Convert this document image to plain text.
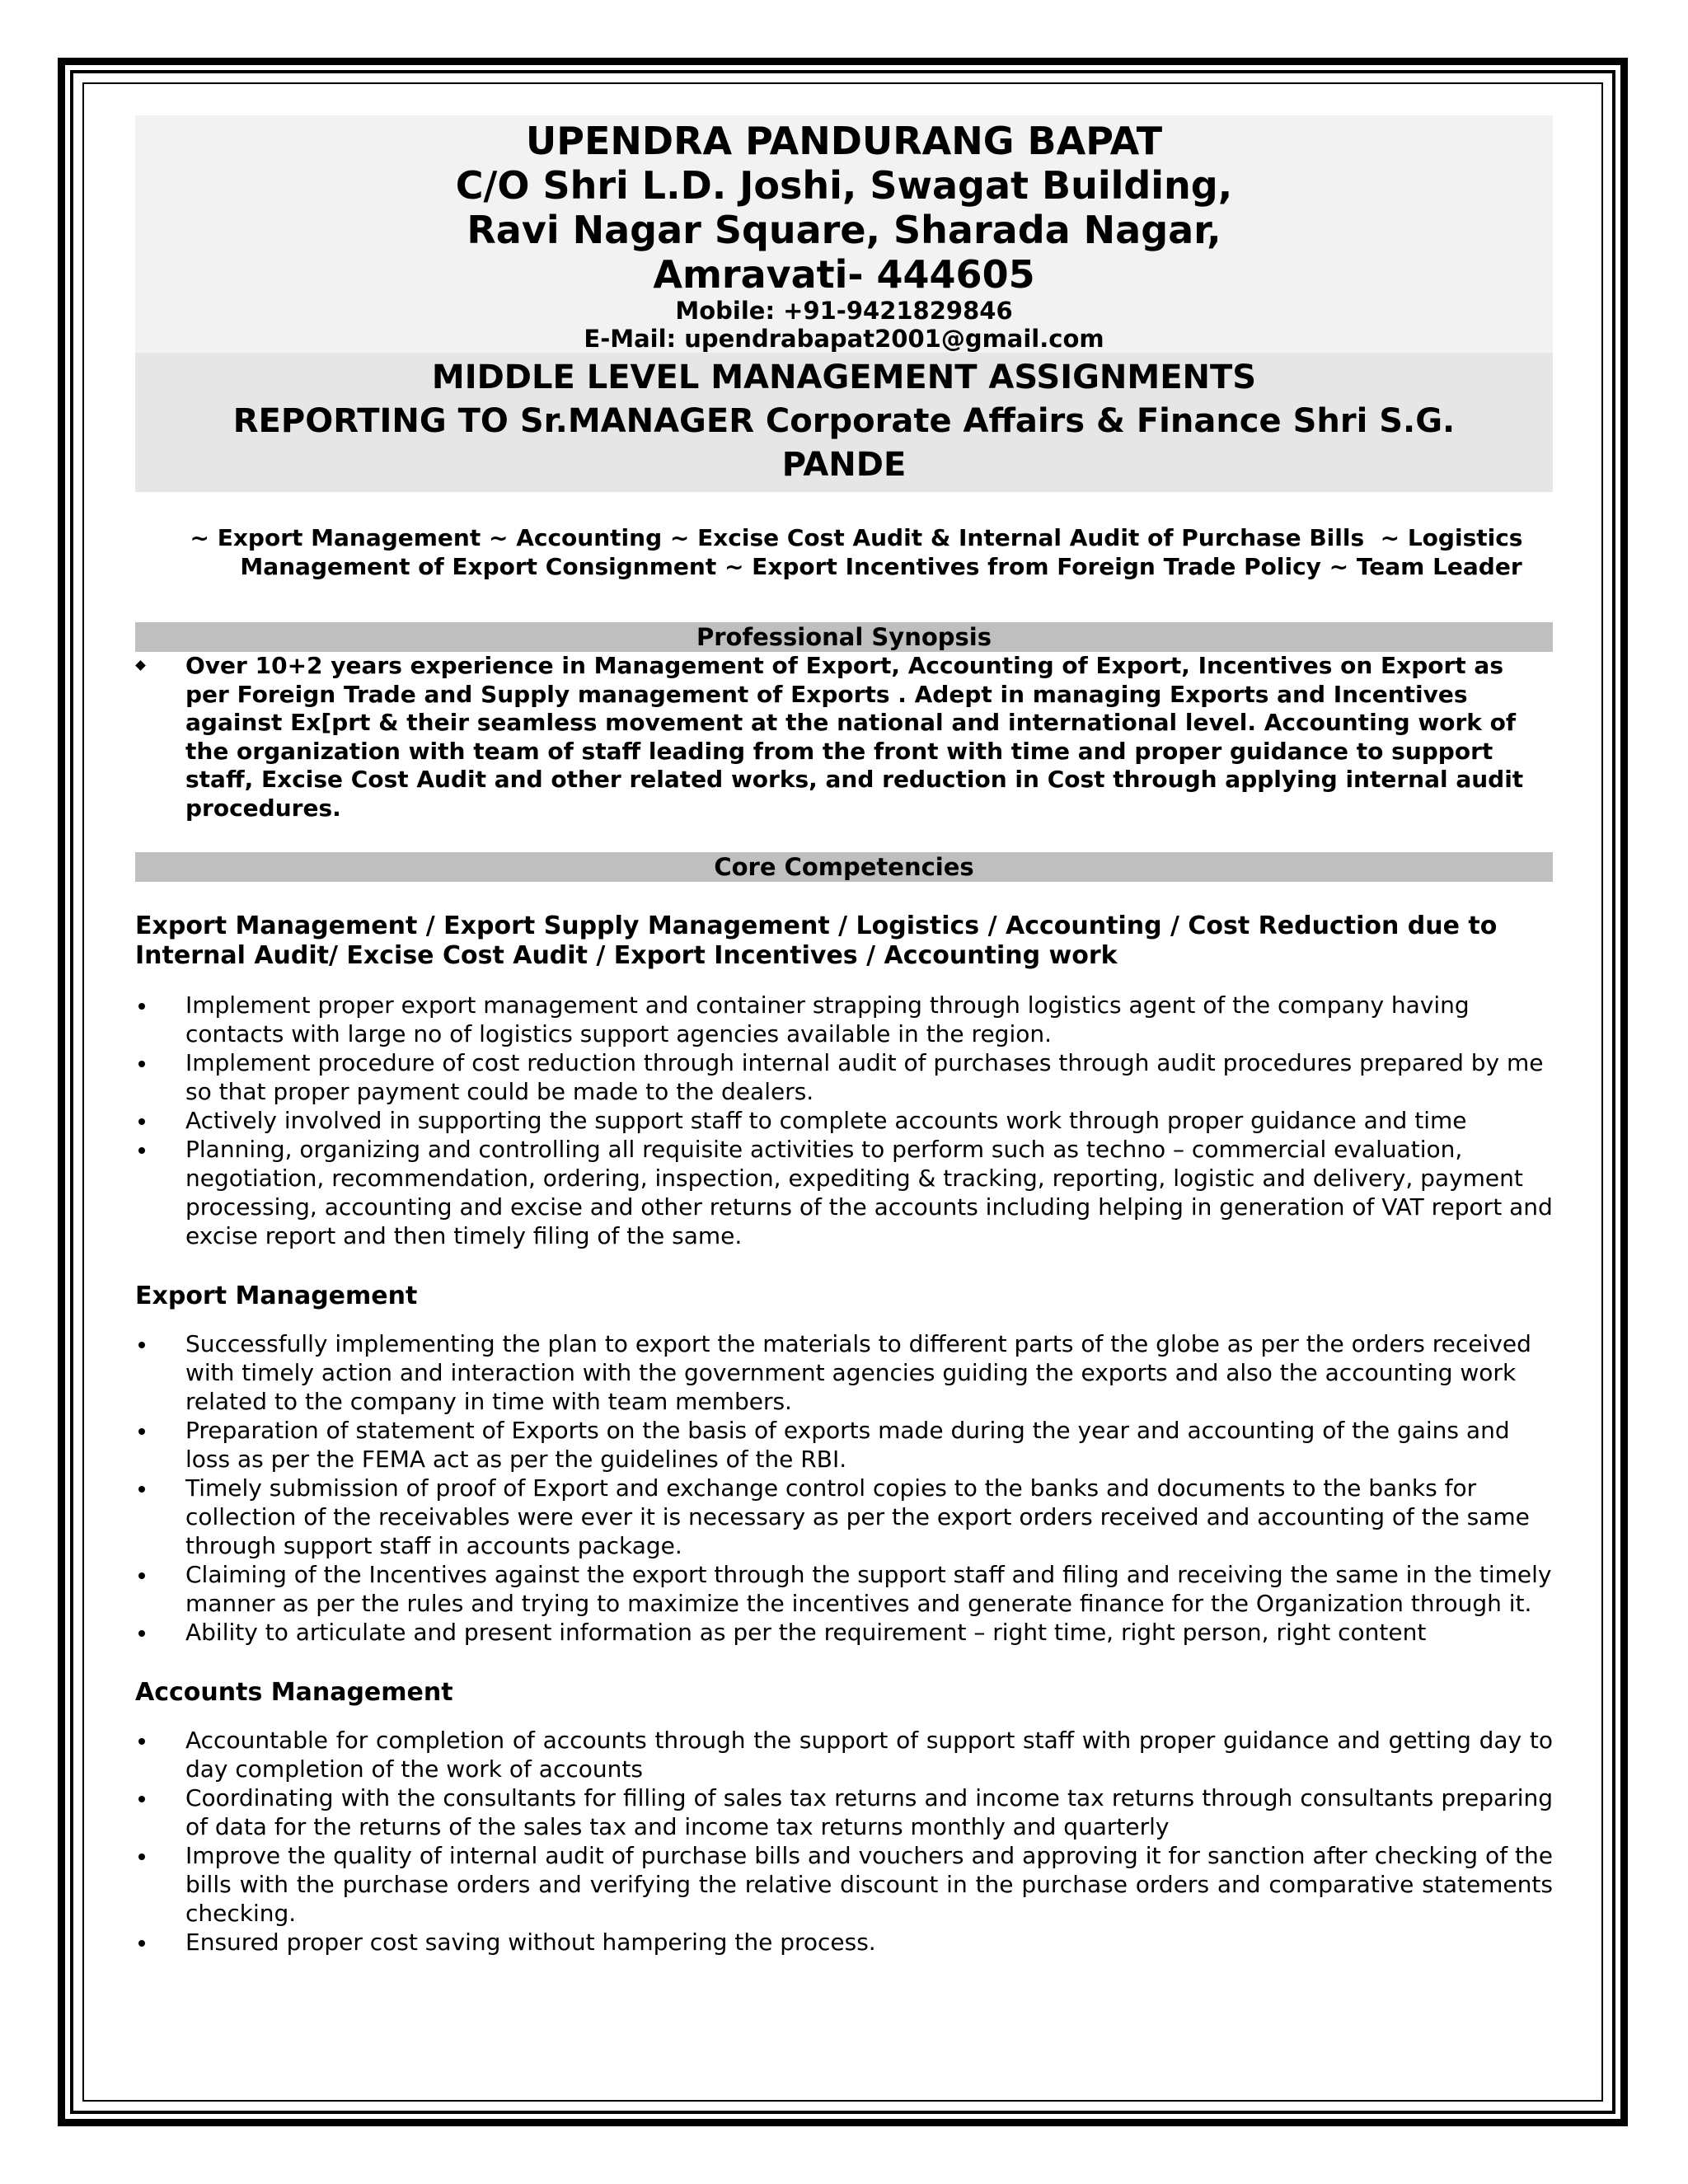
UPENDRA PANDURANG BAPAT
C/O Shri L.D. Joshi, Swagat Building,
Ravi Nagar Square, Sharada Nagar,
Amravati- 444605
Mobile: +91-9421829846
E-Mail: upendrabapat2001@gmail.com
MIDDLE LEVEL MANAGEMENT ASSIGNMENTS
REPORTING TO Sr.MANAGER Corporate Affairs & Finance Shri S.G.
PANDE
~ Export Management ~ Accounting ~ Excise Cost Audit & Internal Audit of Purchase Bills  ~ Logistics
Management of Export Consignment ~ Export Incentives from Foreign Trade Policy ~ Team Leader
Professional Synopsis
Over 10+2 years experience in Management of Export, Accounting of Export, Incentives on Export as per Foreign Trade and Supply management of Exports . Adept in managing Exports and Incentives against Ex[prt & their seamless movement at the national and international level. Accounting work of the organization with team of staff leading from the front with time and proper guidance to support staff, Excise Cost Audit and other related works, and reduction in Cost through applying internal audit procedures.
Core Competencies
Export Management / Export Supply Management / Logistics / Accounting / Cost Reduction due to Internal Audit/ Excise Cost Audit / Export Incentives / Accounting work
Implement proper export management and container strapping through logistics agent of the company having contacts with large no of logistics support agencies available in the region.
Implement procedure of cost reduction through internal audit of purchases through audit procedures prepared by me so that proper payment could be made to the dealers.
Actively involved in supporting the support staff to complete accounts work through proper guidance and time
Planning, organizing and controlling all requisite activities to perform such as techno – commercial evaluation, negotiation, recommendation, ordering, inspection, expediting & tracking, reporting, logistic and delivery, payment processing, accounting and excise and other returns of the accounts including helping in generation of VAT report and excise report and then timely filing of the same.
Export Management
Successfully implementing the plan to export the materials to different parts of the globe as per the orders received with timely action and interaction with the government agencies guiding the exports and also the accounting work related to the company in time with team members.
Preparation of statement of Exports on the basis of exports made during the year and accounting of the gains and loss as per the FEMA act as per the guidelines of the RBI.
Timely submission of proof of Export and exchange control copies to the banks and documents to the banks for collection of the receivables were ever it is necessary as per the export orders received and accounting of the same through support staff in accounts package.
Claiming of the Incentives against the export through the support staff and filing and receiving the same in the timely manner as per the rules and trying to maximize the incentives and generate finance for the Organization through it.
Ability to articulate and present information as per the requirement – right time, right person, right content
Accounts Management
Accountable for completion of accounts through the support of support staff with proper guidance and getting day to day completion of the work of accounts
Coordinating with the consultants for filling of sales tax returns and income tax returns through consultants preparing of data for the returns of the sales tax and income tax returns monthly and quarterly
Improve the quality of internal audit of purchase bills and vouchers and approving it for sanction after checking of the bills with the purchase orders and verifying the relative discount in the purchase orders and comparative statements checking.
Ensured proper cost saving without hampering the process.
